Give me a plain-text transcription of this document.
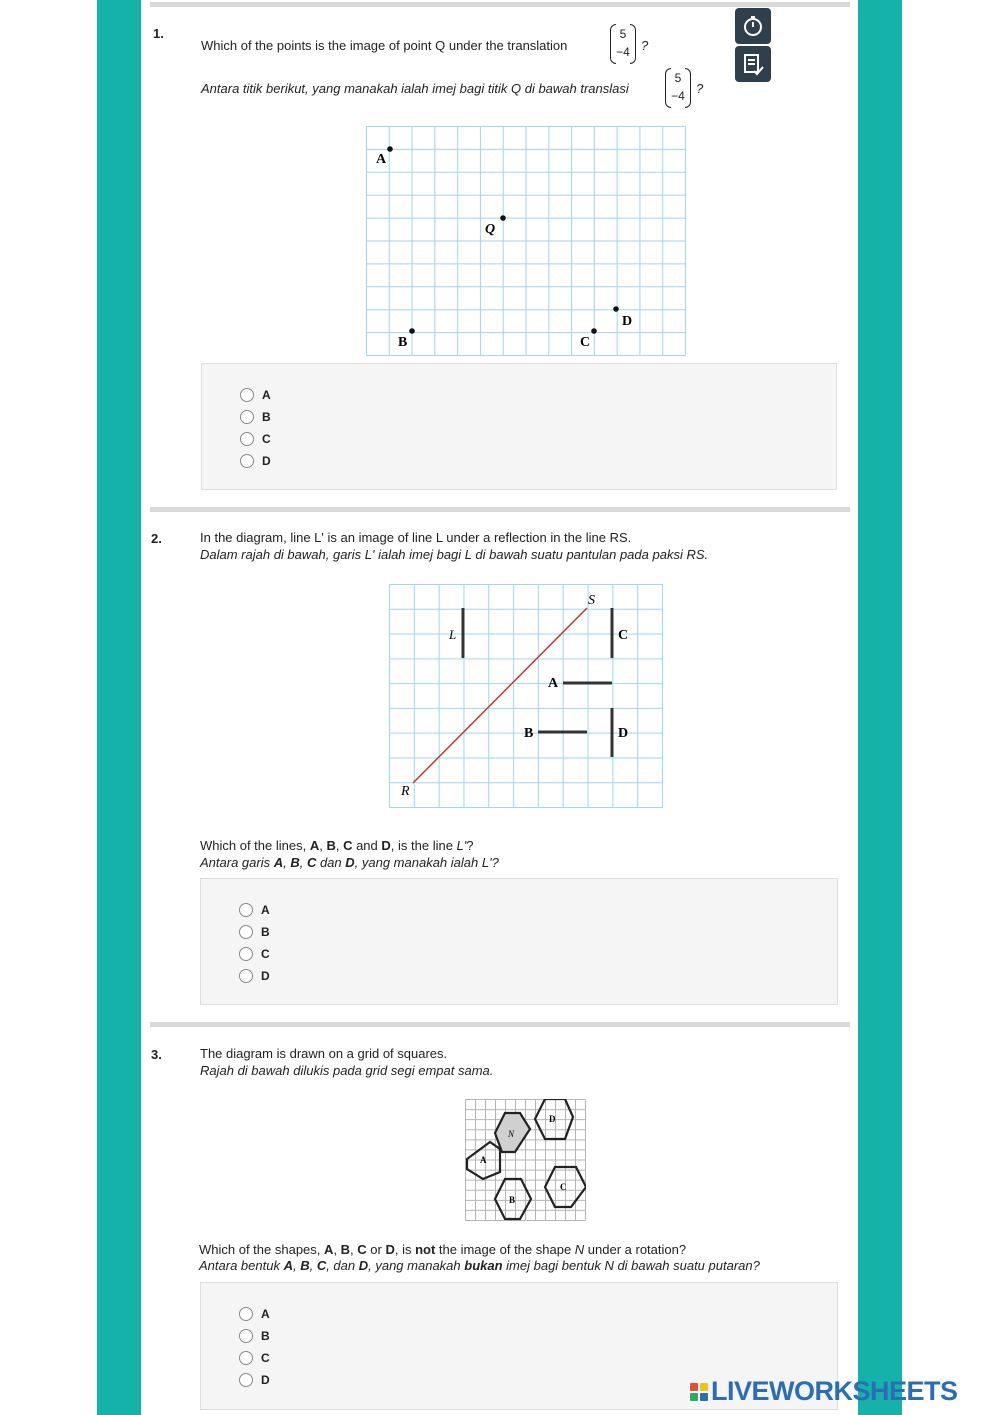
1.
Which of the points is the image of point Q under the translation
5
−4 ?
Antara titik berikut, yang manakah ialah imej bagi titik Q di bawah translasi
5
−4 ?
A
Q
D
B	C
A
B
C
D
2.	In the diagram, line L' is an image of line L under a reflection in the line RS.
Dalam rajah di bawah, garis L' ialah imej bagi L di bawah suatu pantulan pada paksi RS.
S
L	C
A
B	D
R
Which of the lines, A, B, C and D, is the line L'?
Antara garis A, B, C dan D, yang manakah ialah L'?
A
B
C
D
3.	The diagram is drawn on a grid of squares.
Rajah di bawah dilukis pada grid segi empat sama.
N
D
A
C
B
Which of the shapes, A, B, C or D, is not the image of the shape N under a rotation?
Antara bentuk A, B, C, dan D, yang manakah bukan imej bagi bentuk N di bawah suatu putaran?
A
B
C
D	LIVEWORKSHEETS
